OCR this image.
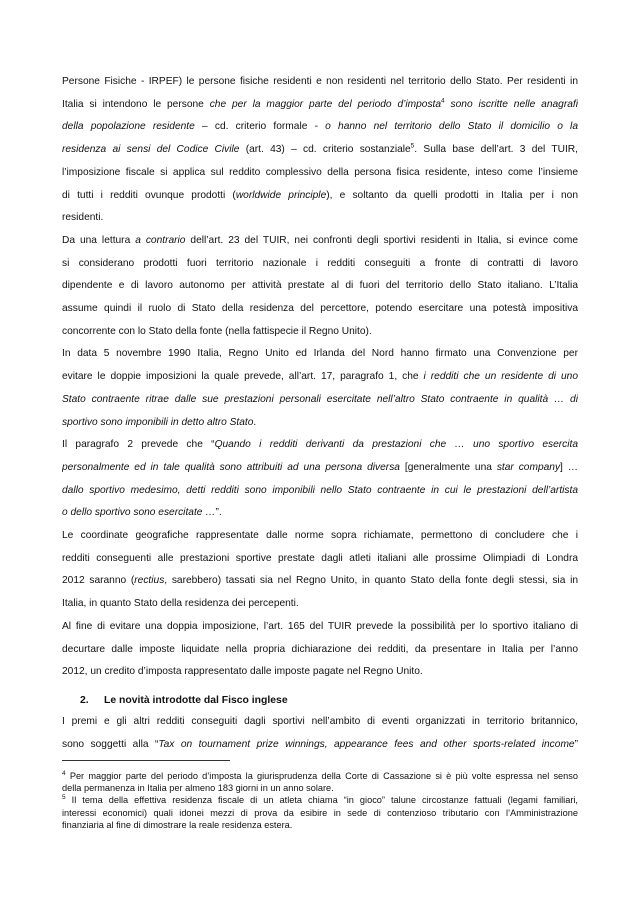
Persone Fisiche - IRPEF) le persone fisiche residenti e non residenti nel territorio dello Stato. Per residenti in
Italia si intendono le persone che per la maggior parte del periodo d’imposta$^4$ sono iscritte nelle anagrafi
della popolazione residente – cd. criterio formale - o hanno nel territorio dello Stato il domicilio o la
residenza ai sensi del Codice Civile (art. 43) – cd. criterio sostanziale$^5$. Sulla base dell’art. 3 del TUIR,
l’imposizione fiscale si applica sul reddito complessivo della persona fisica residente, inteso come l’insieme
di tutti i redditi ovunque prodotti (worldwide principle), e soltanto da quelli prodotti in Italia per i non
residenti.
Da una lettura a contrario dell’art. 23 del TUIR, nei confronti degli sportivi residenti in Italia, si evince come
si considerano prodotti fuori territorio nazionale i redditi conseguiti a fronte di contratti di lavoro
dipendente e di lavoro autonomo per attività prestate al di fuori del territorio dello Stato italiano. L’Italia
assume quindi il ruolo di Stato della residenza del percettore, potendo esercitare una potestà impositiva
concorrente con lo Stato della fonte (nella fattispecie il Regno Unito).
In data 5 novembre 1990 Italia, Regno Unito ed Irlanda del Nord hanno firmato una Convenzione per
evitare le doppie imposizioni la quale prevede, all’art. 17, paragrafo 1, che i redditi che un residente di uno
Stato contraente ritrae dalle sue prestazioni personali esercitate nell’altro Stato contraente in qualità … di
sportivo sono imponibili in detto altro Stato.
Il paragrafo 2 prevede che “Quando i redditi derivanti da prestazioni che … uno sportivo esercita
personalmente ed in tale qualità sono attribuiti ad una persona diversa [generalmente una star company] …
dallo sportivo medesimo, detti redditi sono imponibili nello Stato contraente in cui le prestazioni dell’artista
o dello sportivo sono esercitate …”.
Le coordinate geografiche rappresentate dalle norme sopra richiamate, permettono di concludere che i
redditi conseguenti alle prestazioni sportive prestate dagli atleti italiani alle prossime Olimpiadi di Londra
2012 saranno (rectius, sarebbero) tassati sia nel Regno Unito, in quanto Stato della fonte degli stessi, sia in
Italia, in quanto Stato della residenza dei percepenti.
Al fine di evitare una doppia imposizione, l’art. 165 del TUIR prevede la possibilità per lo sportivo italiano di
decurtare dalle imposte liquidate nella propria dichiarazione dei redditi, da presentare in Italia per l’anno
2012, un credito d’imposta rappresentato dalle imposte pagate nel Regno Unito.
2. Le novità introdotte dal Fisco inglese
I premi e gli altri redditi conseguiti dagli sportivi nell’ambito di eventi organizzati in territorio britannico,
sono soggetti alla “Tax on tournament prize winnings, appearance fees and other sports-related income”
$^4$ Per maggior parte del periodo d’imposta la giurisprudenza della Corte di Cassazione si è più volte espressa nel senso
della permanenza in Italia per almeno 183 giorni in un anno solare.
$^5$ Il tema della effettiva residenza fiscale di un atleta chiama “in gioco” talune circostanze fattuali (legami familiari,
interessi economici) quali idonei mezzi di prova da esibire in sede di contenzioso tributario con l’Amministrazione
finanziaria al fine di dimostrare la reale residenza estera.
